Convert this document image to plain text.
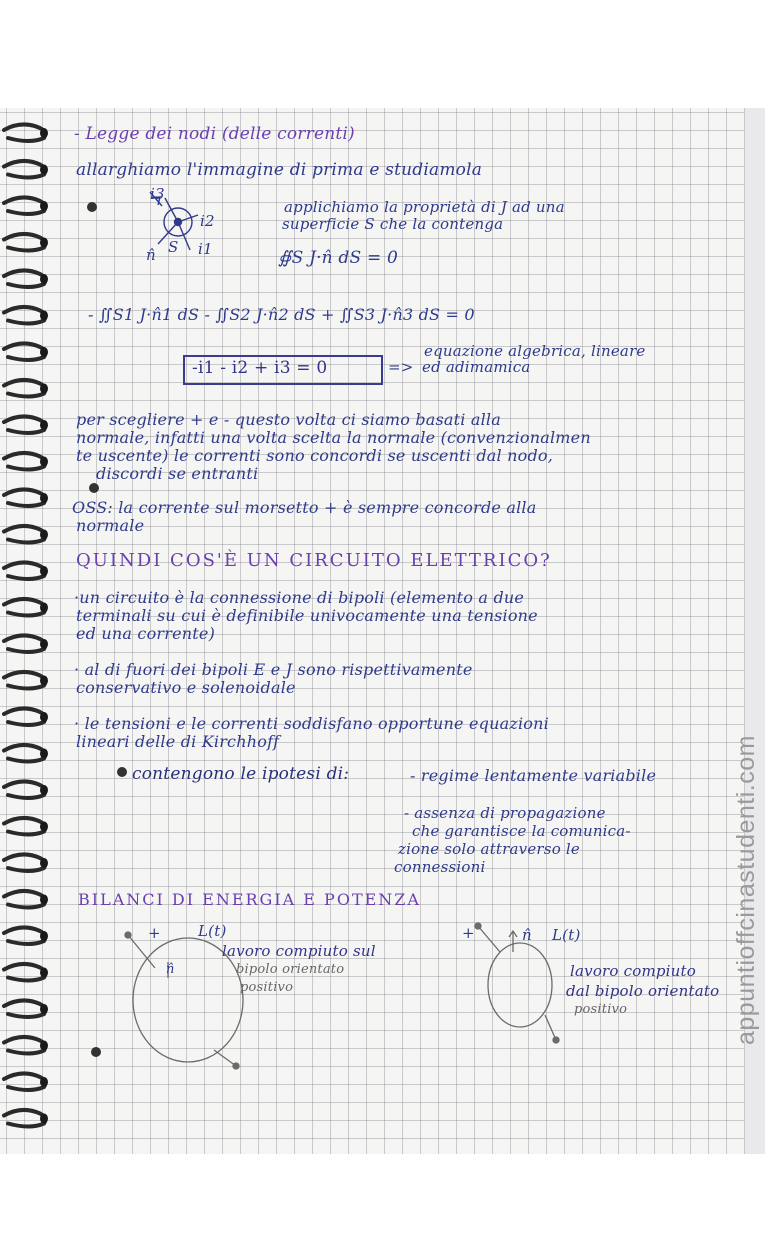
- Legge dei nodi (delle correnti)
allarghiamo l'immagine di prima e studiamola
i3
i2
i1
S
n̂
applichiamo la proprietà di J ad una
superficie S che la contenga
∯S J·n̂ dS = 0
- ∬S1 J·n̂1 dS - ∬S2 J·n̂2 dS + ∬S3 J·n̂3 dS = 0
-i1 - i2 + i3 = 0	=>
equazione algebrica, lineare
ed adimamica
per scegliere + e - questo volta ci siamo basati alla
normale, infatti una volta scelta la normale (convenzionalmen
te uscente) le correnti sono concordi se uscenti dal nodo,
discordi se entranti
OSS: la corrente sul morsetto + è sempre concorde alla
normale
QUINDI COS'È UN CIRCUITO ELETTRICO?
·un circuito è la connessione di bipoli (elemento a due
terminali su cui è definibile univocamente una tensione
ed una corrente)
· al di fuori dei bipoli E e J sono rispettivamente
conservativo e solenoidale
· le tensioni e le correnti soddisfano opportune equazioni
lineari delle di Kirchhoff
contengono le ipotesi di:	- regime lentamente variabile
- assenza di propagazione
che garantisce la comunica-
zione solo attraverso le
connessioni
BILANCI DI ENERGIA E POTENZA
+ L(t)
n̂
lavoro compiuto sul
bipolo orientato
positivo
+	n̂ L(t)
lavoro compiuto
dal bipolo orientato
positivo	appuntioffcinastudenti.com
